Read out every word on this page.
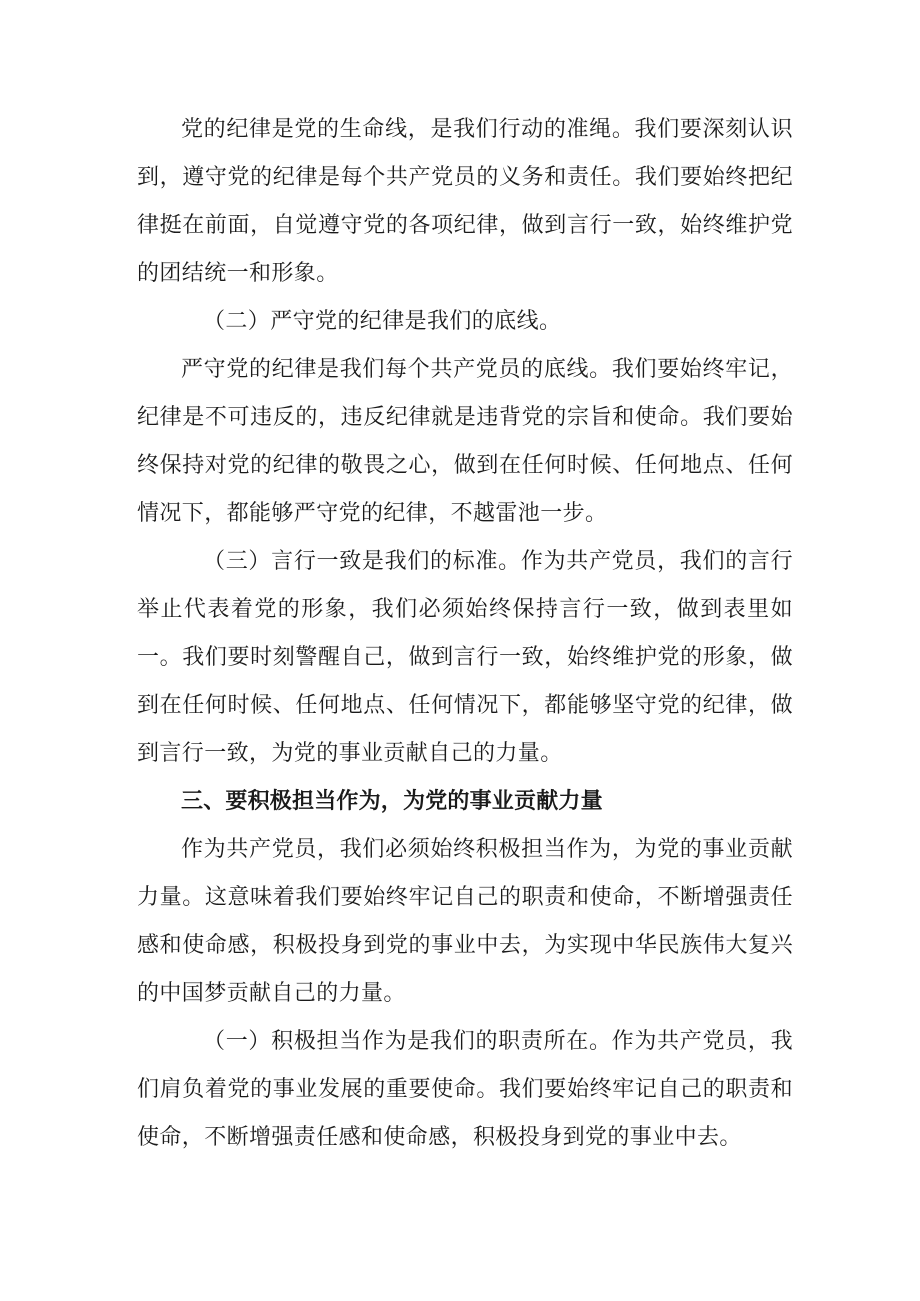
党的纪律是党的生命线，是我们行动的准绳。我们要深刻认识到，遵守党的纪律是每个共产党员的义务和责任。我们要始终把纪律挺在前面，自觉遵守党的各项纪律，做到言行一致，始终维护党的团结统一和形象。

（二）严守党的纪律是我们的底线。

严守党的纪律是我们每个共产党员的底线。我们要始终牢记，纪律是不可违反的，违反纪律就是违背党的宗旨和使命。我们要始终保持对党的纪律的敬畏之心，做到在任何时候、任何地点、任何情况下，都能够严守党的纪律，不越雷池一步。

（三）言行一致是我们的标准。作为共产党员，我们的言行举止代表着党的形象，我们必须始终保持言行一致，做到表里如一。我们要时刻警醒自己，做到言行一致，始终维护党的形象，做到在任何时候、任何地点、任何情况下，都能够坚守党的纪律，做到言行一致，为党的事业贡献自己的力量。

三、要积极担当作为，为党的事业贡献力量

作为共产党员，我们必须始终积极担当作为，为党的事业贡献力量。这意味着我们要始终牢记自己的职责和使命，不断增强责任感和使命感，积极投身到党的事业中去，为实现中华民族伟大复兴的中国梦贡献自己的力量。

（一）积极担当作为是我们的职责所在。作为共产党员，我们肩负着党的事业发展的重要使命。我们要始终牢记自己的职责和使命，不断增强责任感和使命感，积极投身到党的事业中去。
